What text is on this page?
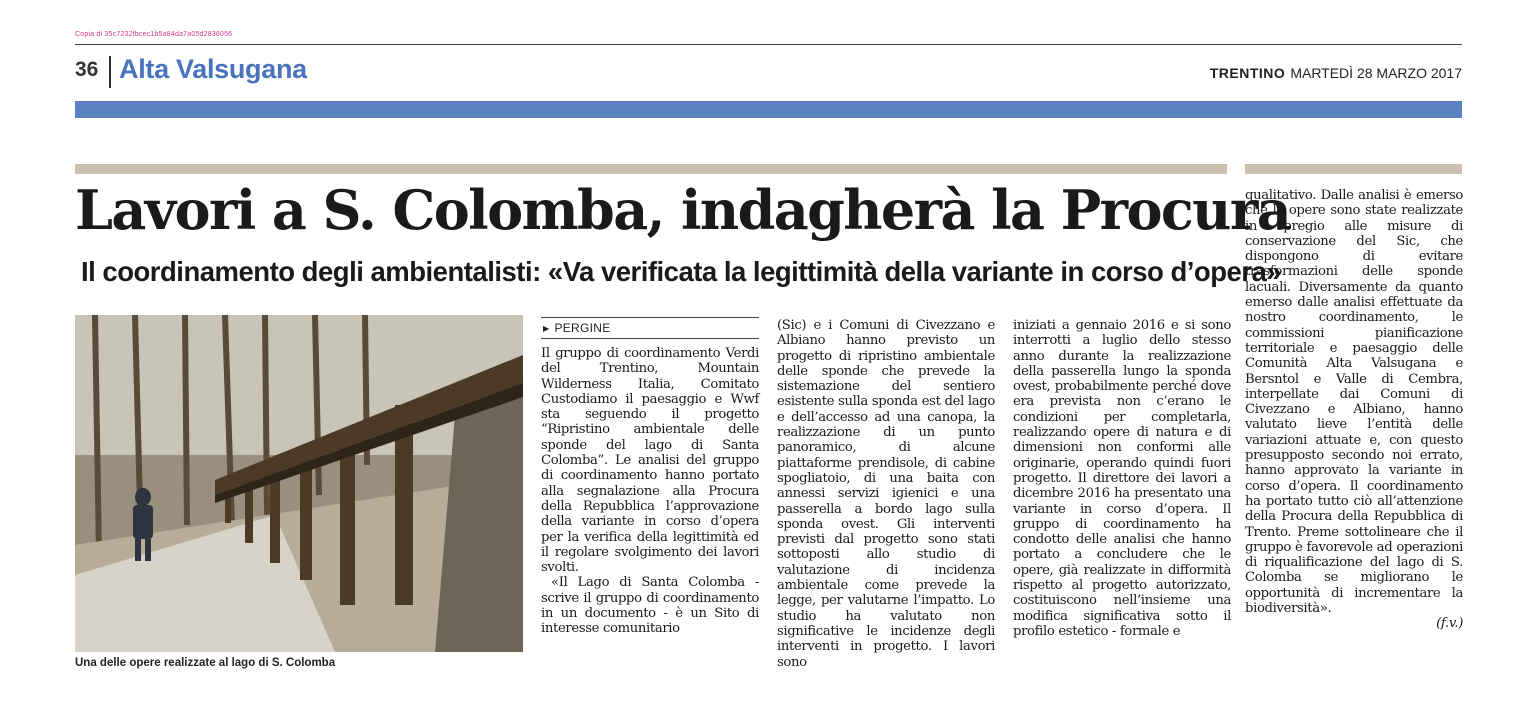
Copia di 35c7232fbcec1b5a84da7a05d2838056
36 Alta Valsugana	TRENTINO MARTEDÌ 28 MARZO 2017
Lavori a S. Colomba, indagherà la Procura
Il coordinamento degli ambientalisti: «Va verificata la legittimità della variante in corso d’opera»
Una delle opere realizzate al lago di S. Colomba
▶ PERGINE

Il gruppo di coordinamento Verdi del Trentino, Mountain Wilderness Italia, Comitato Custodiamo il paesaggio e Wwf sta seguendo il progetto “Ripristino ambientale delle sponde del lago di Santa Colomba”. Le analisi del gruppo di coordinamento hanno portato alla segnalazione alla Procura della Repubblica l’approvazione della variante in corso d’opera per la verifica della legittimità ed il regolare svolgimento dei lavori svolti.

«Il Lago di Santa Colomba - scrive il gruppo di coordinamento in un documento - è un Sito di interesse comunitario

(Sic) e i Comuni di Civezzano e Albiano hanno previsto un progetto di ripristino ambientale delle sponde che prevede la sistemazione del sentiero esistente sulla sponda est del lago e dell’accesso ad una canopa, la realizzazione di un punto panoramico, di alcune piattaforme prendisole, di cabine spogliatoio, di una baita con annessi servizi igienici e una passerella a bordo lago sulla sponda ovest. Gli interventi previsti dal progetto sono stati sottoposti allo studio di valutazione di incidenza ambientale come prevede la legge, per valutarne l’impatto. Lo studio ha valutato non significative le incidenze degli interventi in progetto. I lavori sono

iniziati a gennaio 2016 e si sono interrotti a luglio dello stesso anno durante la realizzazione della passerella lungo la sponda ovest, probabilmente perché dove era prevista non c’erano le condizioni per completarla, realizzando opere di natura e di dimensioni non conformi alle originarie, operando quindi fuori progetto. Il direttore dei lavori a dicembre 2016 ha presentato una variante in corso d’opera. Il gruppo di coordinamento ha condotto delle analisi che hanno portato a concludere che le opere, già realizzate in difformità rispetto al progetto autorizzato, costituiscono nell’insieme una modifica significativa sotto il profilo estetico - formale e

qualitativo. Dalle analisi è emerso che le opere sono state realizzate in spregio alle misure di conservazione del Sic, che dispongono di evitare trasformazioni delle sponde lacuali. Diversamente da quanto emerso dalle analisi effettuate da nostro coordinamento, le commissioni pianificazione territoriale e paesaggio delle Comunità Alta Valsugana e Bersntol e Valle di Cembra, interpellate dai Comuni di Civezzano e Albiano, hanno valutato lieve l’entità delle variazioni attuate e, con questo presupposto secondo noi errato, hanno approvato la variante in corso d’opera. Il coordinamento ha portato tutto ciò all’attenzione della Procura della Repubblica di Trento. Preme sottolineare che il gruppo è favorevole ad operazioni di riqualificazione del lago di S. Colomba se migliorano le opportunità di incrementare la biodiversità».

(f.v.)
